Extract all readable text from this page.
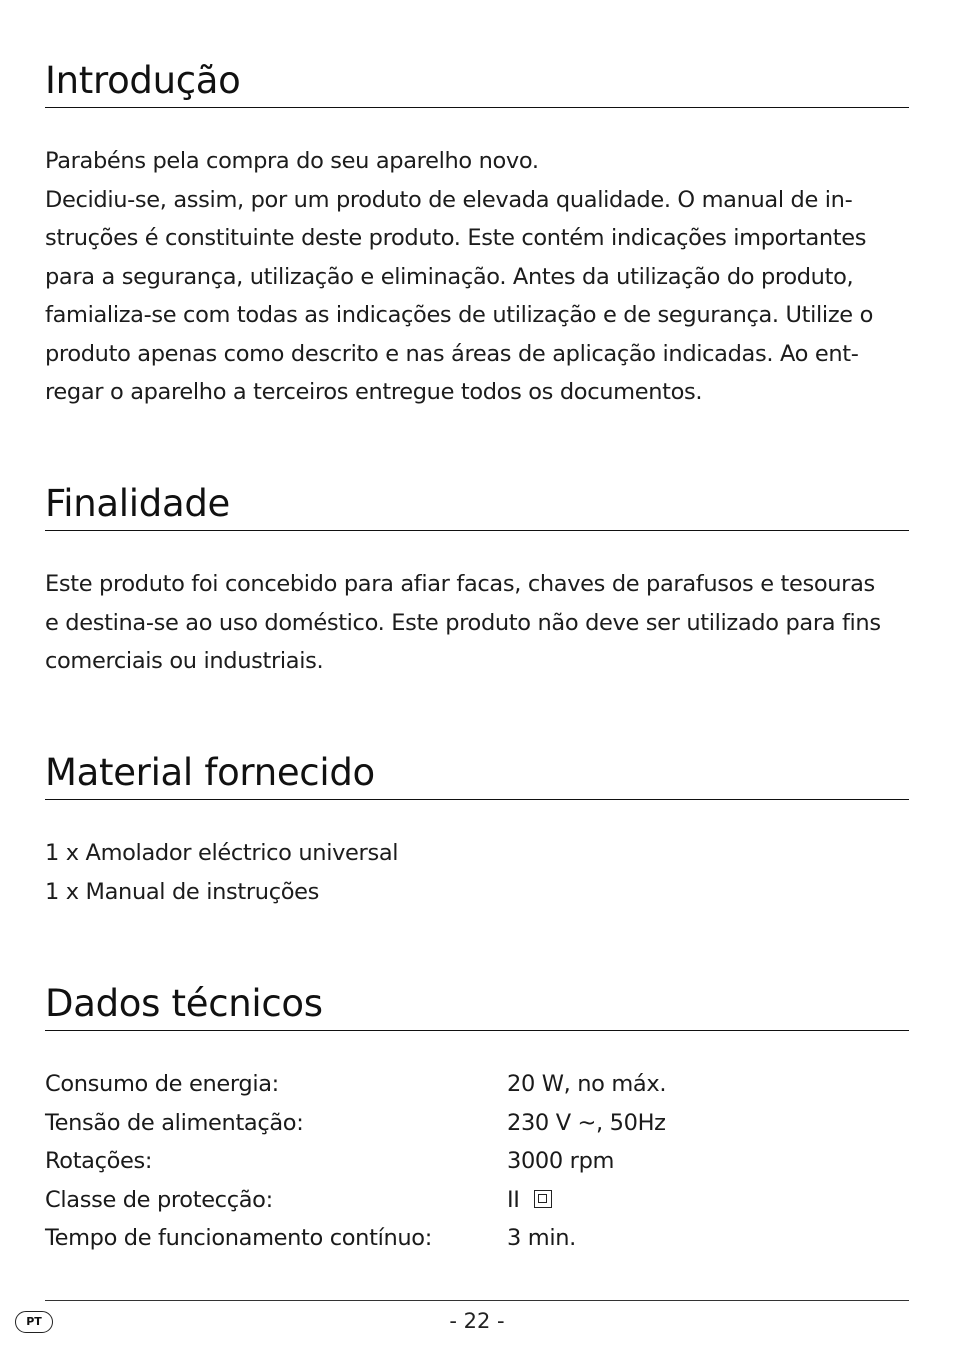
Introdução
Parabéns pela compra do seu aparelho novo.
Decidiu-se, assim, por um produto de elevada qualidade. O manual de in-
struções é constituinte deste produto. Este contém indicações importantes
para a segurança, utilização e eliminação. Antes da utilização do produto,
famializa-se com todas as indicações de utilização e de segurança. Utilize o
produto apenas como descrito e nas áreas de aplicação indicadas. Ao ent-
regar o aparelho a terceiros entregue todos os documentos.
Finalidade
Este produto foi concebido para afiar facas, chaves de parafusos e tesouras
e destina-se ao uso doméstico. Este produto não deve ser utilizado para fins
comerciais ou industriais.
Material fornecido
1 x Amolador eléctrico universal
1 x Manual de instruções
Dados técnicos
Consumo de energia:	20 W, no máx.
Tensão de alimentação:	230 V ~, 50Hz
Rotações:	3000 rpm
Classe de protecção:	II
Tempo de funcionamento contínuo:	3 min.
PT	- 22 -
